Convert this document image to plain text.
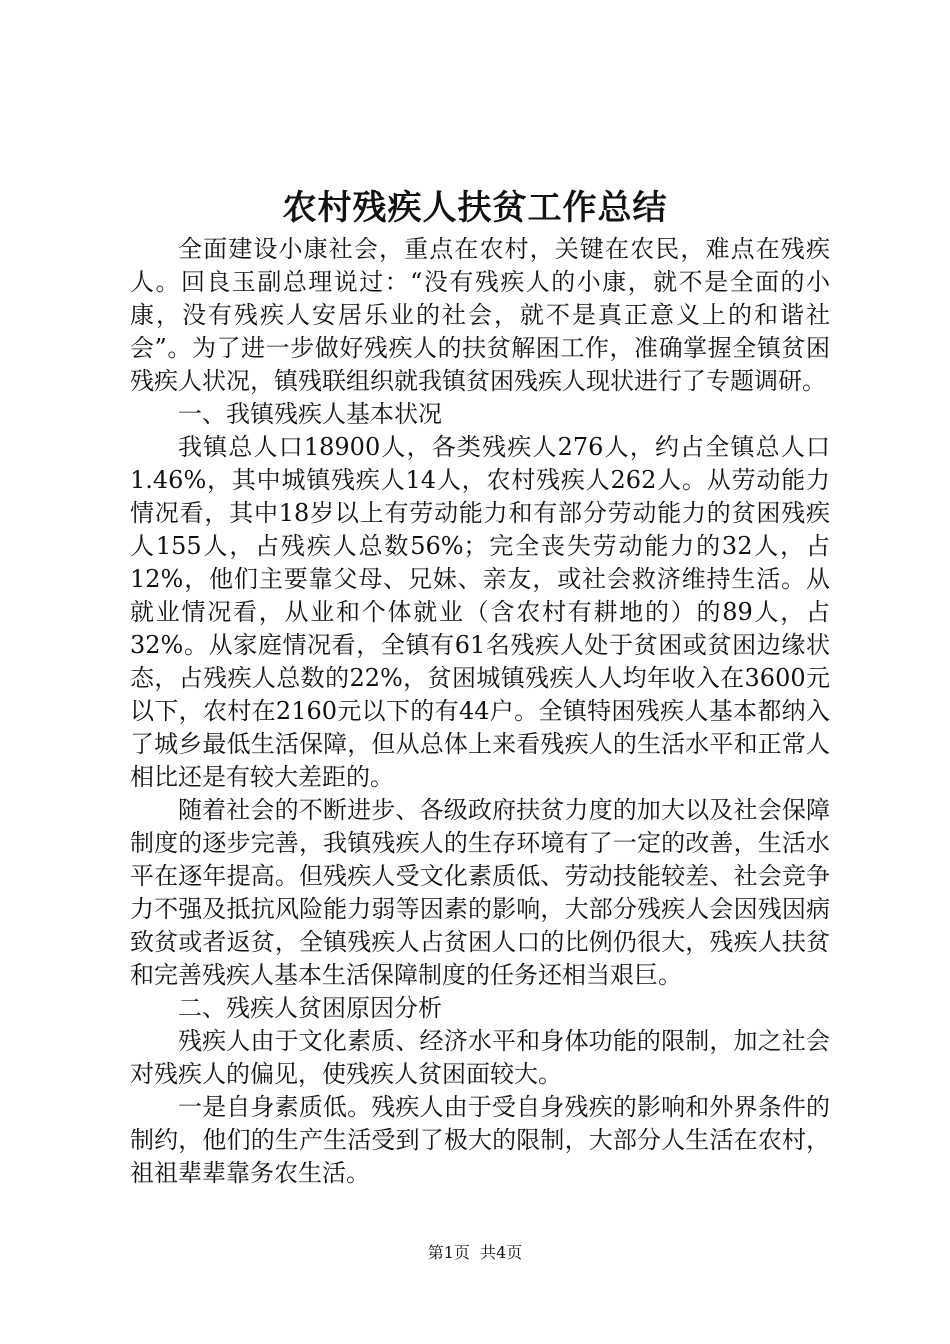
农村残疾人扶贫工作总结

全面建设小康社会，重点在农村，关键在农民，难点在残疾人。回良玉副总理说过：“没有残疾人的小康，就不是全面的小康，没有残疾人安居乐业的社会，就不是真正意义上的和谐社会”。为了进一步做好残疾人的扶贫解困工作，准确掌握全镇贫困残疾人状况，镇残联组织就我镇贫困残疾人现状进行了专题调研。

一、我镇残疾人基本状况

我镇总人口18900人，各类残疾人276人，约占全镇总人口1.46%，其中城镇残疾人14人，农村残疾人262人。从劳动能力情况看，其中18岁以上有劳动能力和有部分劳动能力的贫困残疾人155人，占残疾人总数56%；完全丧失劳动能力的32人，占12%，他们主要靠父母、兄妹、亲友，或社会救济维持生活。从就业情况看，从业和个体就业（含农村有耕地的）的89人，占32%。从家庭情况看，全镇有61名残疾人处于贫困或贫困边缘状态，占残疾人总数的22%，贫困城镇残疾人人均年收入在3600元以下，农村在2160元以下的有44户。全镇特困残疾人基本都纳入了城乡最低生活保障，但从总体上来看残疾人的生活水平和正常人相比还是有较大差距的。

随着社会的不断进步、各级政府扶贫力度的加大以及社会保障制度的逐步完善，我镇残疾人的生存环境有了一定的改善，生活水平在逐年提高。但残疾人受文化素质低、劳动技能较差、社会竞争力不强及抵抗风险能力弱等因素的影响，大部分残疾人会因残因病致贫或者返贫，全镇残疾人占贫困人口的比例仍很大，残疾人扶贫和完善残疾人基本生活保障制度的任务还相当艰巨。

二、残疾人贫困原因分析

残疾人由于文化素质、经济水平和身体功能的限制，加之社会对残疾人的偏见，使残疾人贫困面较大。

一是自身素质低。残疾人由于受自身残疾的影响和外界条件的制约，他们的生产生活受到了极大的限制，大部分人生活在农村，祖祖辈辈靠务农生活。

第1页 共4页
